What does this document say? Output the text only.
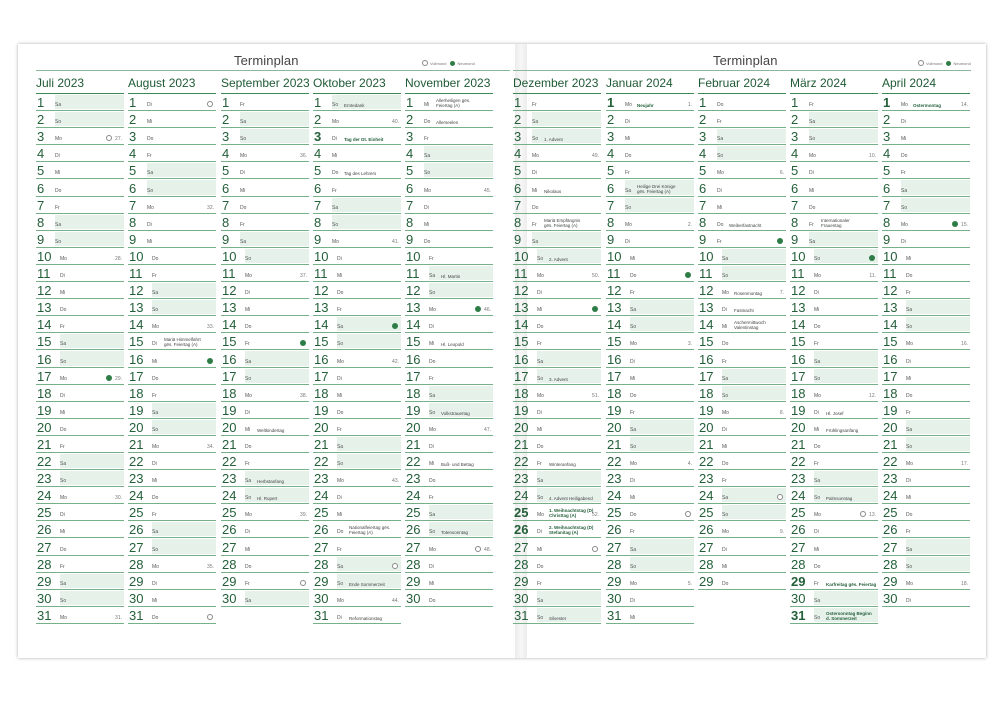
Terminplan	Vollmond	Neumond	Terminplan	Vollmond	Neumond
Juli 2023
1 Sa
2 So
3 Mo	27.
4 Di
5 Mi
6 Do
7 Fr
8 Sa
9 So
10 Mo	28.
11 Di
12 Mi
13 Do
14 Fr
15 Sa
16 So
17 Mo	29.
18 Di
19 Mi
20 Do
21 Fr
22 Sa
23 So
24 Mo	30.
25 Di
26 Mi
27 Do
28 Fr
29 Sa
30 So
31 Mo	31.
August 2023
1 Di
2 Mi
3 Do
4 Fr
5 Sa
6 So
7 Mo	32.
8 Di
9 Mi
10 Do
11 Fr
12 Sa
13 So
14 Mo	33.
15 Di
Mariä Himmelfahrt gës. Feiertag (A)
16 Mi
17 Do
18 Fr
19 Sa
20 So
21 Mo	34.
22 Di
23 Mi
24 Do
25 Fr
26 Sa
27 So
28 Mo	35.
29 Di
30 Mi
31 Do
September 2023
1 Fr
2 Sa
3 So
4 Mo	36.
5 Di
6 Mi
7 Do
8 Fr
9 Sa
10 So
11 Mo	37.
12 Di
13 Mi
14 Do
15 Fr
16 Sa
17 So
18 Mo	38.
19 Di
20 Mi Weltkindertag
21 Do
22 Fr
23 Sa Herbstanfang
24 So Hl. Rupert
25 Mo	39.
26 Di
27 Mi
28 Do
29 Fr
30 Sa
Oktober 2023
1 So Erntedank
2 Mo	40.
3 Di Tag der Dt. Einheit
4 Mi
5 Do Tag des Lehrers
6 Fr
7 Sa
8 So
9 Mo	41.
10 Di
11 Mi
12 Do
13 Fr
14 Sa
15 So
16 Mo	42.
17 Di
18 Mi
19 Do
20 Fr
21 Sa
22 So
23 Mo	43.
24 Di
25 Mi
26 Do
Nationalfeiertag gës. Feiertag (A)
27 Fr
28 Sa
29 So Ende Sommerzeit
30 Mo	44.
31 Di Reformationstag
November 2023
1 Mi
Allerheiligen gës. Feiertag (A)
2 Do Allerseelen
3 Fr
4 Sa
5 So
6 Mo	45.
7 Di
8 Mi
9 Do
10 Fr
11 Sa Hl. Martin
12 So
13 Mo	46.
14 Di
15 Mi Hl. Leopold
16 Do
17 Fr
18 Sa
19 So Volkstrauertag
20 Mo	47.
21 Di
22 Mi Buß- und Bettag
23 Do
24 Fr
25 Sa
26 So Totensonntag
27 Mo	48.
28 Di
29 Mi
30 Do
Dezember 2023
1 Fr
2 Sa
3 So 1. Advent
4 Mo	49.
5 Di
6 Mi Nikolaus
7 Do
8 Fr
Mariä Empfängnis gës. Feiertag (A)
9 Sa
10 So 2. Advent
11 Mo	50.
12 Di
13 Mi
14 Do
15 Fr
16 Sa
17 So 3. Advent
18 Mo	51.
19 Di
20 Mi
21 Do
22 Fr Winteranfang
23 Sa
24 So 4. Advent Heiligabend
25 Mo
1. Weihnachtstag (D) Christtag (A)	52.
26 Di
2. Weihnachtstag (D) Stefanitag (A)
27 Mi
28 Do
29 Fr
30 Sa
31 So Silvester
Januar 2024
1 Mo Neujahr	1.
2 Di
3 Mi
4 Do
5 Fr
6 Sa
Heilige Drei Könige gës. Feiertag (A)
7 So
8 Mo	2.
9 Di
10 Mi
11 Do
12 Fr
13 Sa
14 So
15 Mo	3.
16 Di
17 Mi
18 Do
19 Fr
20 Sa
21 So
22 Mo	4.
23 Di
24 Mi
25 Do
26 Fr
27 Sa
28 So
29 Mo	5.
30 Di
31 Mi
Februar 2024
1 Do
2 Fr
3 Sa
4 So
5 Mo	6.
6 Di
7 Mi
8 Do Weiberfastnacht
9 Fr
10 Sa
11 So
12 Mo Rosenmontag	7.
13 Di Fastnacht
14 Mi
Aschermittwoch Valentinstag
15 Do
16 Fr
17 Sa
18 So
19 Mo	8.
20 Di
21 Mi
22 Do
23 Fr
24 Sa
25 So
26 Mo	9.
27 Di
28 Mi
29 Do
März 2024
1 Fr
2 Sa
3 So
4 Mo	10.
5 Di
6 Mi
7 Do
8 Fr
Internationaler Frauentag
9 Sa
10 So
11 Mo	11.
12 Di
13 Mi
14 Do
15 Fr
16 Sa
17 So
18 Mo	12.
19 Di Hl. Josef
20 Mi Frühlingsanfang
21 Do
22 Fr
23 Sa
24 So Palmsonntag
25 Mo	13.
26 Di
27 Mi
28 Do
29 Fr Karfreitag gës. Feiertag
30 Sa
31 So
Ostersonntag Beginn d. Sommerzeit
April 2024
1 Mo Ostermontag	14.
2 Di
3 Mi
4 Do
5 Fr
6 Sa
7 So
8 Mo	15.
9 Di
10 Mi
11 Do
12 Fr
13 Sa
14 So
15 Mo	16.
16 Di
17 Mi
18 Do
19 Fr
20 Sa
21 So
22 Mo	17.
23 Di
24 Mi
25 Do
26 Fr
27 Sa
28 So
29 Mo	18.
30 Di
